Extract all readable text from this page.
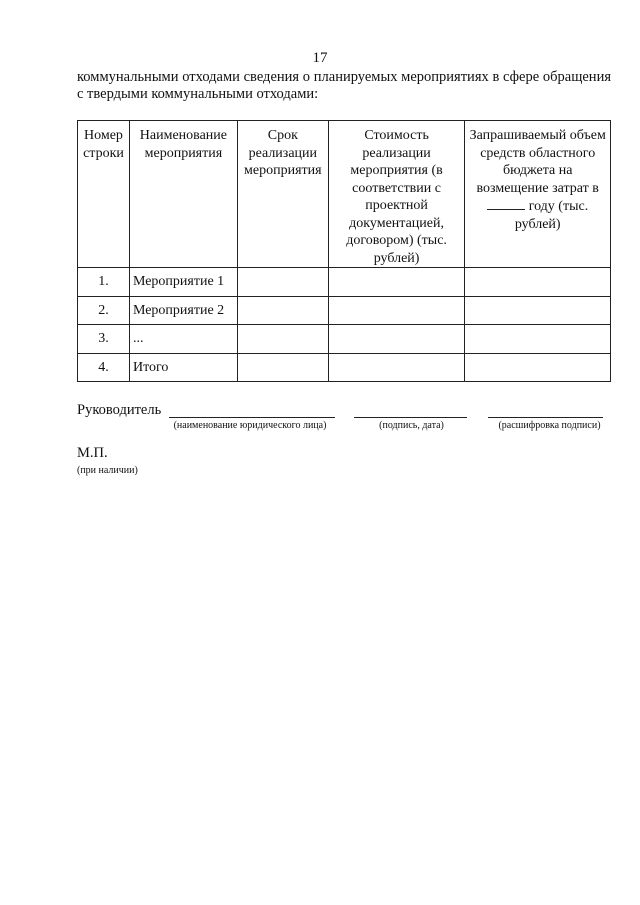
17
коммунальными отходами сведения о планируемых мероприятиях в сфере обращения с твердыми коммунальными отходами:
Номер строки	Наименование мероприятия	Срок реализации мероприятия	Стоимость реализации мероприятия (в соответствии с проектной документацией, договором) (тыс. рублей)	Запрашиваемый объем средств областного бюджета на возмещение затрат в  году (тыс. рублей)
1.	Мероприятие 1			
2.	Мероприятие 2			
3.	...			
4.	Итого			
Руководитель
(наименование юридического лица)	(подпись, дата)	(расшифровка подписи)
М.П.
(при наличии)
